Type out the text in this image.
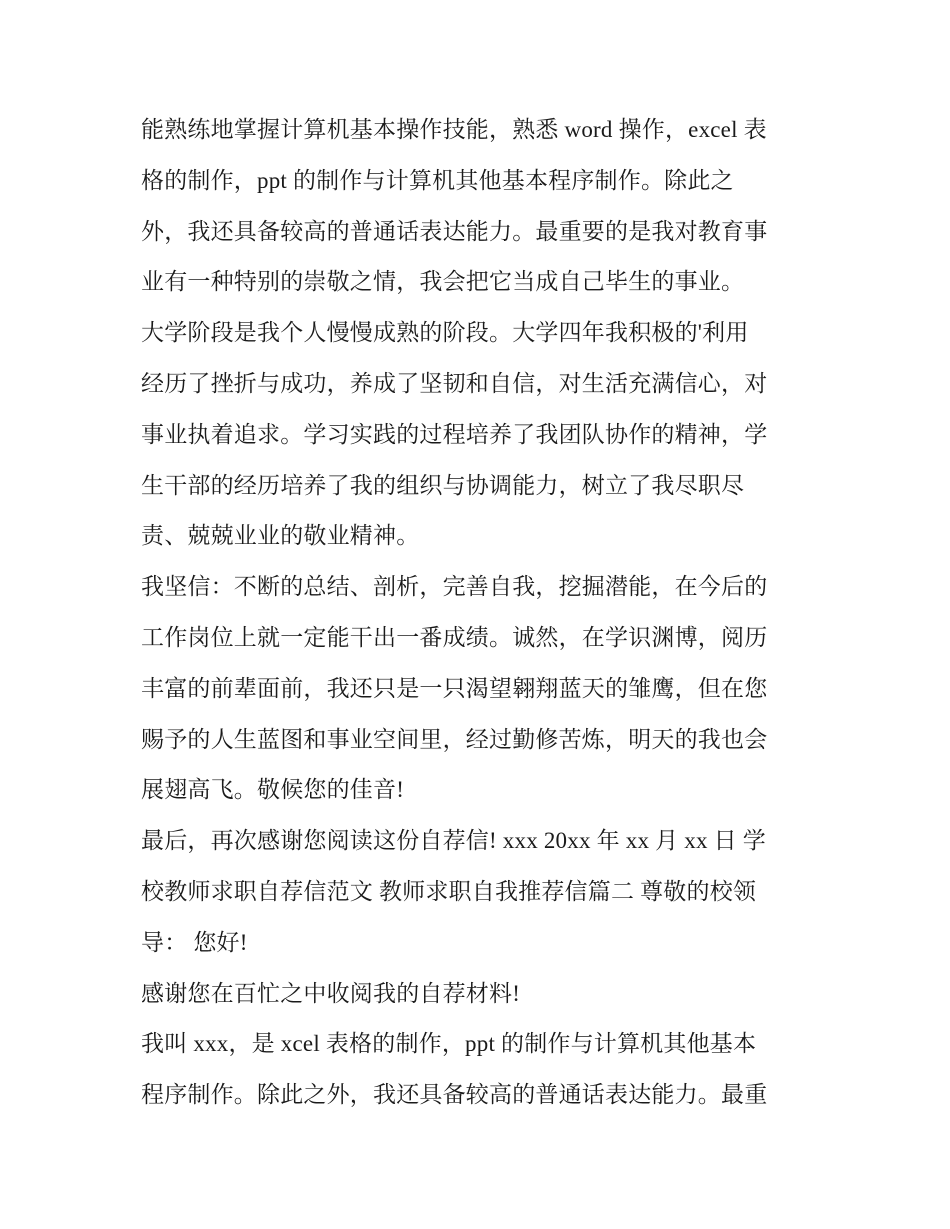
能熟练地掌握计算机基本操作技能，熟悉 word 操作，excel 表
格的制作，ppt 的制作与计算机其他基本程序制作。除此之
外，我还具备较高的普通话表达能力。最重要的是我对教育事
业有一种特别的崇敬之情，我会把它当成自己毕生的事业。
大学阶段是我个人慢慢成熟的阶段。大学四年我积极的'利用
经历了挫折与成功，养成了坚韧和自信，对生活充满信心，对
事业执着追求。学习实践的过程培养了我团队协作的精神，学
生干部的经历培养了我的组织与协调能力，树立了我尽职尽
责、兢兢业业的敬业精神。
我坚信：不断的总结、剖析，完善自我，挖掘潜能，在今后的
工作岗位上就一定能干出一番成绩。诚然，在学识渊博，阅历
丰富的前辈面前，我还只是一只渴望翱翔蓝天的雏鹰，但在您
赐予的人生蓝图和事业空间里，经过勤修苦炼，明天的我也会
展翅高飞。敬候您的佳音!
最后，再次感谢您阅读这份自荐信! xxx 20xx 年 xx 月 xx 日 学
校教师求职自荐信范文 教师求职自我推荐信篇二 尊敬的校领
导： 您好!
感谢您在百忙之中收阅我的自荐材料!
我叫 xxx，是 xcel 表格的制作，ppt 的制作与计算机其他基本
程序制作。除此之外，我还具备较高的普通话表达能力。最重
